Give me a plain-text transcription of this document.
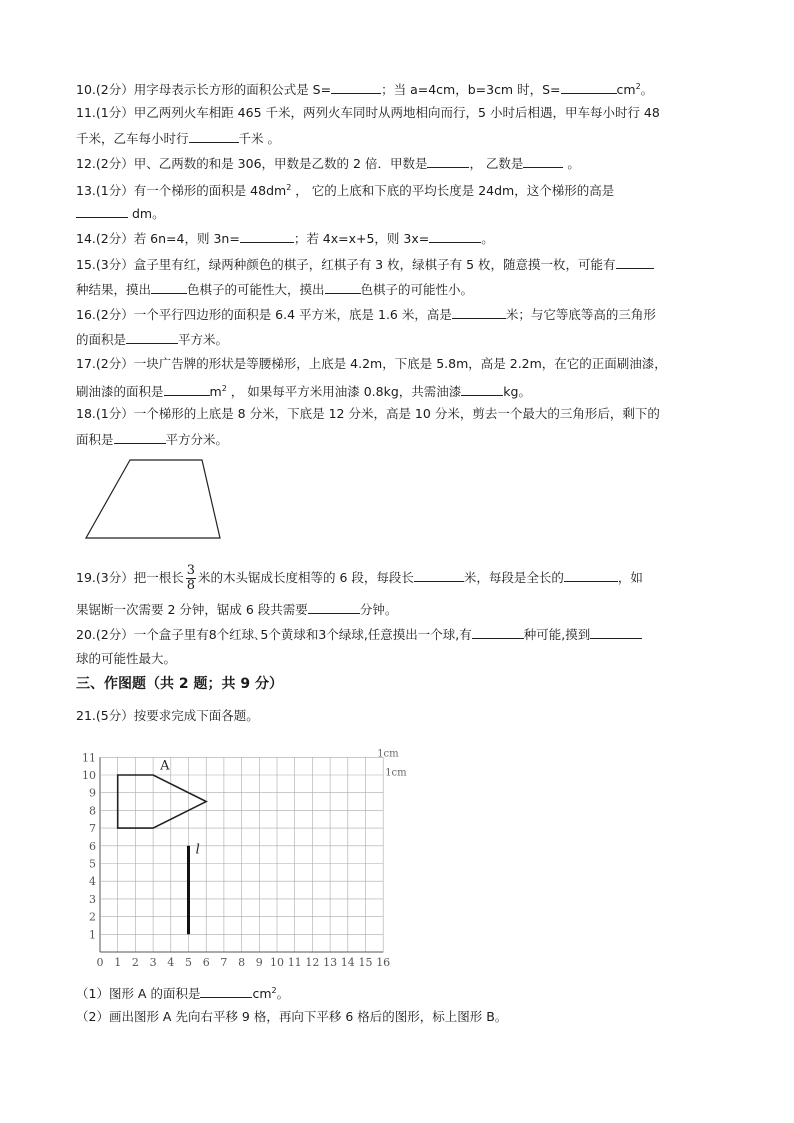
10.(2分）用字母表示长方形的面积公式是 S=	；当 a=4cm，b=3cm 时，S=	$cm^2$。
11.(1分）甲乙两列火车相距 465 千米，两列火车同时从两地相向而行，5 小时后相遇，甲车每小时行 48
千米，乙车每小时行	千米 。
12.(2分）甲、乙两数的和是 306，甲数是乙数的 2 倍．甲数是	， 乙数是	。
13.(1分）有一个梯形的面积是 $48dm^2$ ， 它的上底和下底的平均长度是 24dm，这个梯形的高是
dm。
14.(2分）若 6n=4，则 3n=	；若 4x=x+5，则 3x=	。
15.(3分）盒子里有红，绿两种颜色的棋子，红棋子有 3 枚，绿棋子有 5 枚，随意摸一枚，可能有
种结果，摸出	色棋子的可能性大，摸出	色棋子的可能性小。
16.(2分）一个平行四边形的面积是 6.4 平方米，底是 1.6 米，高是	米；与它等底等高的三角形
的面积是	平方米。
17.(2分）一块广告牌的形状是等腰梯形，上底是 4.2m，下底是 5.8m，高是 2.2m，在它的正面刷油漆，
刷油漆的面积是	$m^2$ ， 如果每平方米用油漆 0.8kg，共需油漆	kg。
18.(1分）一个梯形的上底是 8 分米，下底是 12 分米，高是 10 分米，剪去一个最大的三角形后，剩下的
面积是	平方分米。
19.(3分）把一根长 $\frac{3}{8}$ 米的木头锯成长度相等的 6 段，每段长	米，每段是全长的	，如
果锯断一次需要 2 分钟，锯成 6 段共需要	分钟。
20.(2分）一个盒子里有8个红球､5个黄球和3个绿球,任意摸出一个球,有	种可能,摸到
球的可能性最大。
三、作图题（共 2 题；共 9 分）
21.(5分）按要求完成下面各题。
0 1 2 3 4 5 6 7 8 9 10 11 12 13 14 15 16
1
2
3
4
5
6
7
8
9
10
11	1cm
1cm
A
l
（1）图形 A 的面积是	$cm^2$。
（2）画出图形 A 先向右平移 9 格，再向下平移 6 格后的图形，标上图形 B。
